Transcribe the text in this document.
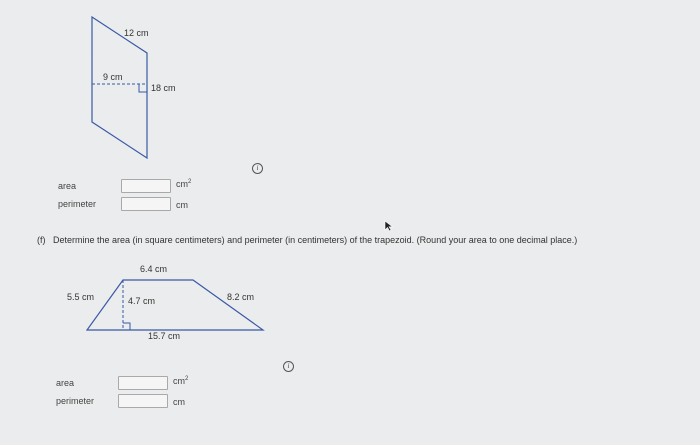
12 cm
9 cm
18 cm
6.4 cm
5.5 cm	4.7 cm	8.2 cm
15.7 cm
area	$cm^2$
perimeter	cm
i
(f) Determine the area (in square centimeters) and perimeter (in centimeters) of the trapezoid. (Round your area to one decimal place.)
area	$cm^2$
perimeter	cm
i
